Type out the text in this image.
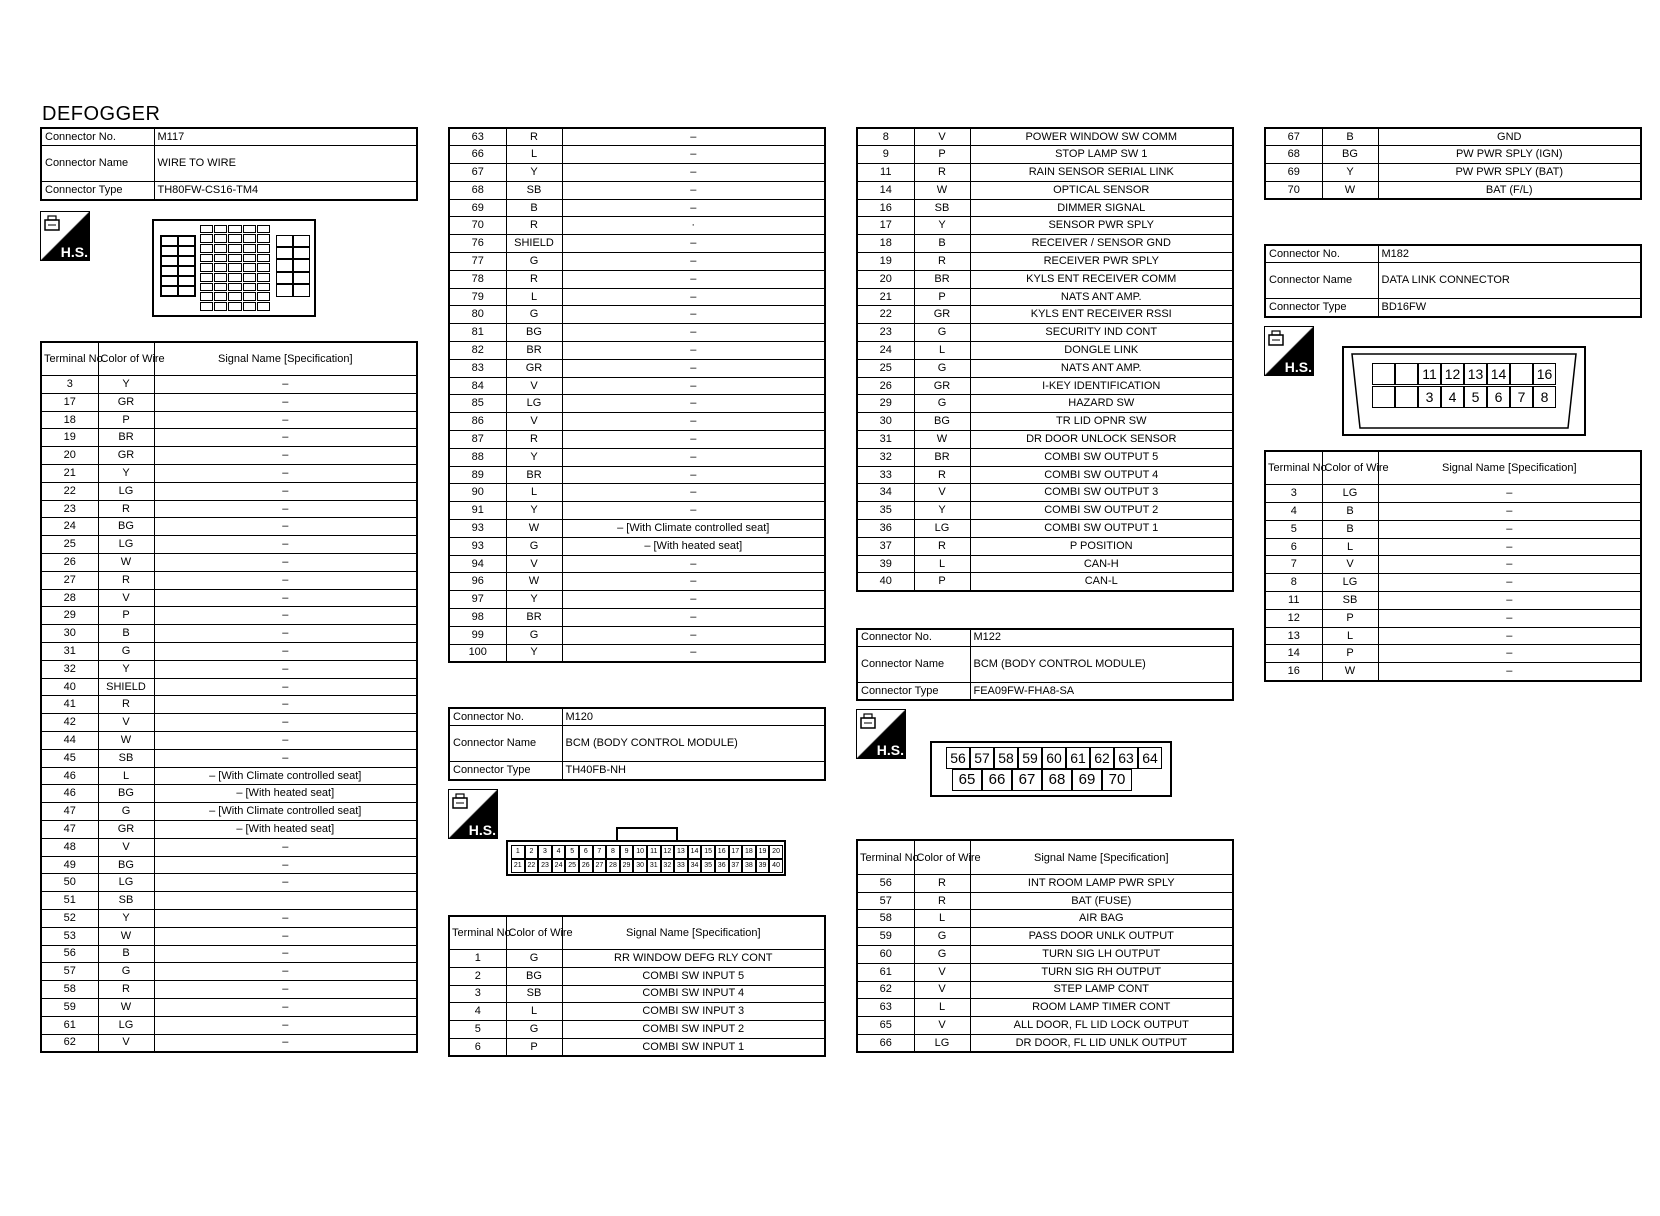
DEFOGGER
Connector No.	M117
Connector Name	WIRE TO WIRE
Connector Type	TH80FW-CS16-TM4
H.S.
Terminal No.	Color of Wire	Signal Name [Specification]
3	Y	–
17	GR	–
18	P	–
19	BR	–
20	GR	–
21	Y	–
22	LG	–
23	R	–
24	BG	–
25	LG	–
26	W	–
27	R	–
28	V	–
29	P	–
30	B	–
31	G	–
32	Y	–
40	SHIELD	–
41	R	–
42	V	–
44	W	–
45	SB	–
46	L	– [With Climate controlled seat]
46	BG	– [With heated seat]
47	G	– [With Climate controlled seat]
47	GR	– [With heated seat]
48	V	–
49	BG	–
50	LG	–
51	SB	
52	Y	–
53	W	–
56	B	–
57	G	–
58	R	–
59	W	–
61	LG	–
62	V	–
63	R	–
66	L	–
67	Y	–
68	SB	–
69	B	–
70	R	·
76	SHIELD	–
77	G	–
78	R	–
79	L	–
80	G	–
81	BG	–
82	BR	–
83	GR	–
84	V	–
85	LG	–
86	V	–
87	R	–
88	Y	–
89	BR	–
90	L	–
91	Y	–
93	W	– [With Climate controlled seat]
93	G	– [With heated seat]
94	V	–
96	W	–
97	Y	–
98	BR	–
99	G	–
100	Y	–
Connector No.	M120
Connector Name	BCM (BODY CONTROL MODULE)
Connector Type	TH40FB-NH
H.S.
1	2	3	4	5	6	7	8	9	10 11 12 13 14 15 16 17 18 19 20
21 22 23 24 25 26 27 28 29 30 31 32 33 34 35 36 37 38 39 40
Terminal No.	Color of Wire	Signal Name [Specification]
1	G	RR WINDOW DEFG RLY CONT
2	BG	COMBI SW INPUT 5
3	SB	COMBI SW INPUT 4
4	L	COMBI SW INPUT 3
5	G	COMBI SW INPUT 2
6	P	COMBI SW INPUT 1
8	V	POWER WINDOW SW COMM
9	P	STOP LAMP SW 1
11	R	RAIN SENSOR SERIAL LINK
14	W	OPTICAL SENSOR
16	SB	DIMMER SIGNAL
17	Y	SENSOR PWR SPLY
18	B	RECEIVER / SENSOR GND
19	R	RECEIVER PWR SPLY
20	BR	KYLS ENT RECEIVER COMM
21	P	NATS ANT AMP.
22	GR	KYLS ENT RECEIVER RSSI
23	G	SECURITY IND CONT
24	L	DONGLE LINK
25	G	NATS ANT AMP.
26	GR	I-KEY IDENTIFICATION
29	G	HAZARD SW
30	BG	TR LID OPNR SW
31	W	DR DOOR UNLOCK SENSOR
32	BR	COMBI SW OUTPUT 5
33	R	COMBI SW OUTPUT 4
34	V	COMBI SW OUTPUT 3
35	Y	COMBI SW OUTPUT 2
36	LG	COMBI SW OUTPUT 1
37	R	P POSITION
39	L	CAN-H
40	P	CAN-L
Connector No.	M122
Connector Name	BCM (BODY CONTROL MODULE)
Connector Type	FEA09FW-FHA8-SA
H.S.	56 57 58 59 60 61 62 63 64
65 66 67 68 69 70
Terminal No.	Color of Wire	Signal Name [Specification]
56	R	INT ROOM LAMP PWR SPLY
57	R	BAT (FUSE)
58	L	AIR BAG
59	G	PASS DOOR UNLK OUTPUT
60	G	TURN SIG LH OUTPUT
61	V	TURN SIG RH OUTPUT
62	V	STEP LAMP CONT
63	L	ROOM LAMP TIMER CONT
65	V	ALL DOOR, FL LID LOCK OUTPUT
66	LG	DR DOOR, FL LID UNLK OUTPUT
67	B	GND
68	BG	PW PWR SPLY (IGN)
69	Y	PW PWR SPLY (BAT)
70	W	BAT (F/L)
Connector No.	M182
Connector Name	DATA LINK CONNECTOR
Connector Type	BD16FW
H.S.	11 12 13 14 16
3	4	5	6	7	8
Terminal No.	Color of Wire	Signal Name [Specification]
3	LG	–
4	B	–
5	B	–
6	L	–
7	V	–
8	LG	–
11	SB	–
12	P	–
13	L	–
14	P	–
16	W	–
